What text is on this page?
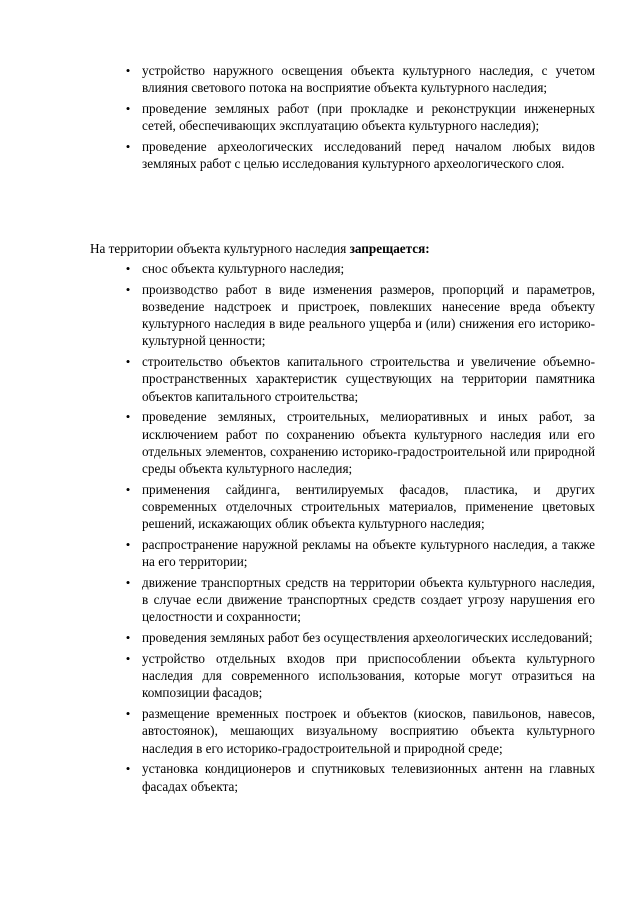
• устройство наружного освещения объекта культурного наследия, с учетом влияния светового потока на восприятие объекта культурного наследия;
• проведение земляных работ (при прокладке и реконструкции инженерных сетей, обеспечивающих эксплуатацию объекта культурного наследия);
• проведение археологических исследований перед началом любых видов земляных работ с целью исследования культурного археологического слоя.
На территории объекта культурного наследия запрещается:
• снос объекта культурного наследия;
• производство работ в виде изменения размеров, пропорций и параметров, возведение надстроек и пристроек, повлекших нанесение вреда объекту культурного наследия в виде реального ущерба и (или) снижения его историко-культурной ценности;
• строительство объектов капитального строительства и увеличение объемно-пространственных характеристик существующих на территории памятника объектов капитального строительства;
• проведение земляных, строительных, мелиоративных и иных работ, за исключением работ по сохранению объекта культурного наследия или его отдельных элементов, сохранению историко-градостроительной или природной среды объекта культурного наследия;
• применения сайдинга, вентилируемых фасадов, пластика, и других современных отделочных строительных материалов, применение цветовых решений, искажающих облик объекта культурного наследия;
• распространение наружной рекламы на объекте культурного наследия, а также на его территории;
• движение транспортных средств на территории объекта культурного наследия, в случае если движение транспортных средств создает угрозу нарушения его целостности и сохранности;
• проведения земляных работ без осуществления археологических исследований;
• устройство отдельных входов при приспособлении объекта культурного наследия для современного использования, которые могут отразиться на композиции фасадов;
• размещение временных построек и объектов (киосков, павильонов, навесов, автостоянок), мешающих визуальному восприятию объекта культурного наследия в его историко-градостроительной и природной среде;
• установка кондиционеров и спутниковых телевизионных антенн на главных фасадах объекта;
